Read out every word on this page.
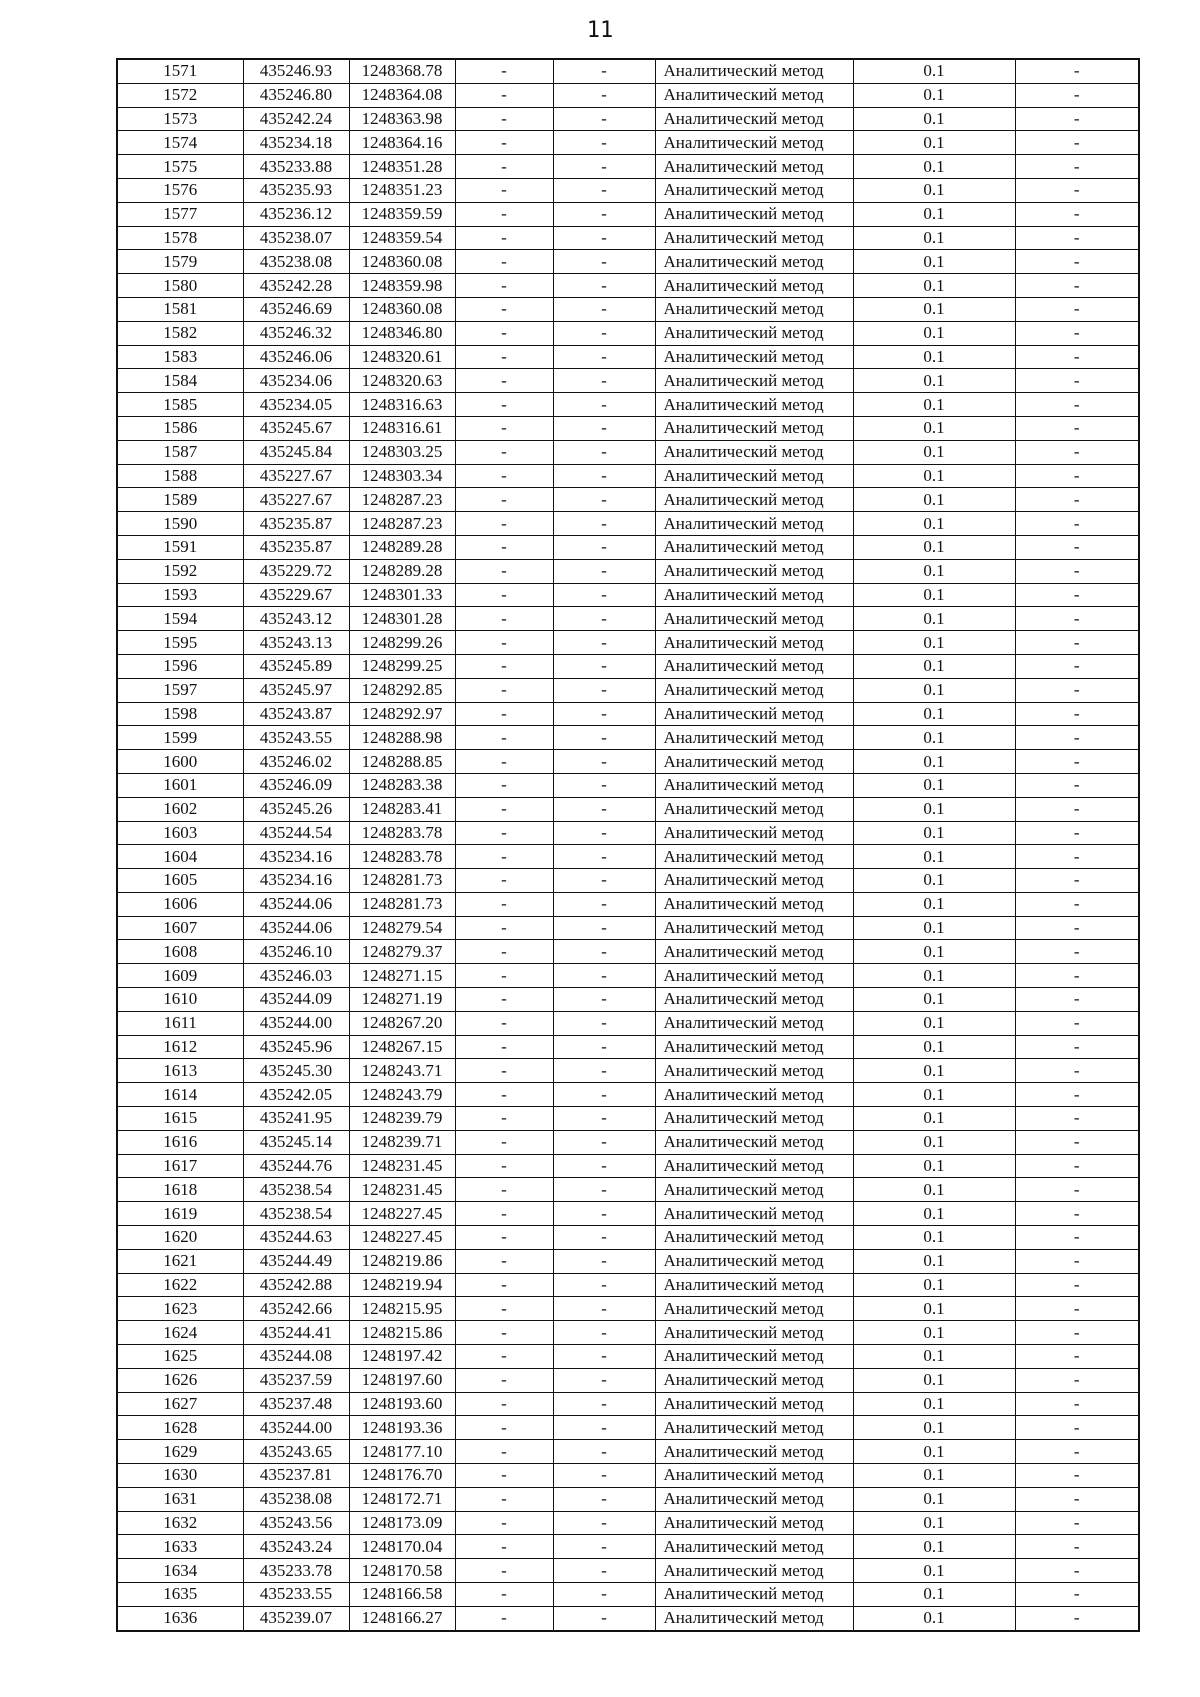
11
1571	435246.93	1248368.78	-	-	Аналитический метод	0.1	-
1572	435246.80	1248364.08	-	-	Аналитический метод	0.1	-
1573	435242.24	1248363.98	-	-	Аналитический метод	0.1	-
1574	435234.18	1248364.16	-	-	Аналитический метод	0.1	-
1575	435233.88	1248351.28	-	-	Аналитический метод	0.1	-
1576	435235.93	1248351.23	-	-	Аналитический метод	0.1	-
1577	435236.12	1248359.59	-	-	Аналитический метод	0.1	-
1578	435238.07	1248359.54	-	-	Аналитический метод	0.1	-
1579	435238.08	1248360.08	-	-	Аналитический метод	0.1	-
1580	435242.28	1248359.98	-	-	Аналитический метод	0.1	-
1581	435246.69	1248360.08	-	-	Аналитический метод	0.1	-
1582	435246.32	1248346.80	-	-	Аналитический метод	0.1	-
1583	435246.06	1248320.61	-	-	Аналитический метод	0.1	-
1584	435234.06	1248320.63	-	-	Аналитический метод	0.1	-
1585	435234.05	1248316.63	-	-	Аналитический метод	0.1	-
1586	435245.67	1248316.61	-	-	Аналитический метод	0.1	-
1587	435245.84	1248303.25	-	-	Аналитический метод	0.1	-
1588	435227.67	1248303.34	-	-	Аналитический метод	0.1	-
1589	435227.67	1248287.23	-	-	Аналитический метод	0.1	-
1590	435235.87	1248287.23	-	-	Аналитический метод	0.1	-
1591	435235.87	1248289.28	-	-	Аналитический метод	0.1	-
1592	435229.72	1248289.28	-	-	Аналитический метод	0.1	-
1593	435229.67	1248301.33	-	-	Аналитический метод	0.1	-
1594	435243.12	1248301.28	-	-	Аналитический метод	0.1	-
1595	435243.13	1248299.26	-	-	Аналитический метод	0.1	-
1596	435245.89	1248299.25	-	-	Аналитический метод	0.1	-
1597	435245.97	1248292.85	-	-	Аналитический метод	0.1	-
1598	435243.87	1248292.97	-	-	Аналитический метод	0.1	-
1599	435243.55	1248288.98	-	-	Аналитический метод	0.1	-
1600	435246.02	1248288.85	-	-	Аналитический метод	0.1	-
1601	435246.09	1248283.38	-	-	Аналитический метод	0.1	-
1602	435245.26	1248283.41	-	-	Аналитический метод	0.1	-
1603	435244.54	1248283.78	-	-	Аналитический метод	0.1	-
1604	435234.16	1248283.78	-	-	Аналитический метод	0.1	-
1605	435234.16	1248281.73	-	-	Аналитический метод	0.1	-
1606	435244.06	1248281.73	-	-	Аналитический метод	0.1	-
1607	435244.06	1248279.54	-	-	Аналитический метод	0.1	-
1608	435246.10	1248279.37	-	-	Аналитический метод	0.1	-
1609	435246.03	1248271.15	-	-	Аналитический метод	0.1	-
1610	435244.09	1248271.19	-	-	Аналитический метод	0.1	-
1611	435244.00	1248267.20	-	-	Аналитический метод	0.1	-
1612	435245.96	1248267.15	-	-	Аналитический метод	0.1	-
1613	435245.30	1248243.71	-	-	Аналитический метод	0.1	-
1614	435242.05	1248243.79	-	-	Аналитический метод	0.1	-
1615	435241.95	1248239.79	-	-	Аналитический метод	0.1	-
1616	435245.14	1248239.71	-	-	Аналитический метод	0.1	-
1617	435244.76	1248231.45	-	-	Аналитический метод	0.1	-
1618	435238.54	1248231.45	-	-	Аналитический метод	0.1	-
1619	435238.54	1248227.45	-	-	Аналитический метод	0.1	-
1620	435244.63	1248227.45	-	-	Аналитический метод	0.1	-
1621	435244.49	1248219.86	-	-	Аналитический метод	0.1	-
1622	435242.88	1248219.94	-	-	Аналитический метод	0.1	-
1623	435242.66	1248215.95	-	-	Аналитический метод	0.1	-
1624	435244.41	1248215.86	-	-	Аналитический метод	0.1	-
1625	435244.08	1248197.42	-	-	Аналитический метод	0.1	-
1626	435237.59	1248197.60	-	-	Аналитический метод	0.1	-
1627	435237.48	1248193.60	-	-	Аналитический метод	0.1	-
1628	435244.00	1248193.36	-	-	Аналитический метод	0.1	-
1629	435243.65	1248177.10	-	-	Аналитический метод	0.1	-
1630	435237.81	1248176.70	-	-	Аналитический метод	0.1	-
1631	435238.08	1248172.71	-	-	Аналитический метод	0.1	-
1632	435243.56	1248173.09	-	-	Аналитический метод	0.1	-
1633	435243.24	1248170.04	-	-	Аналитический метод	0.1	-
1634	435233.78	1248170.58	-	-	Аналитический метод	0.1	-
1635	435233.55	1248166.58	-	-	Аналитический метод	0.1	-
1636	435239.07	1248166.27	-	-	Аналитический метод	0.1	-
